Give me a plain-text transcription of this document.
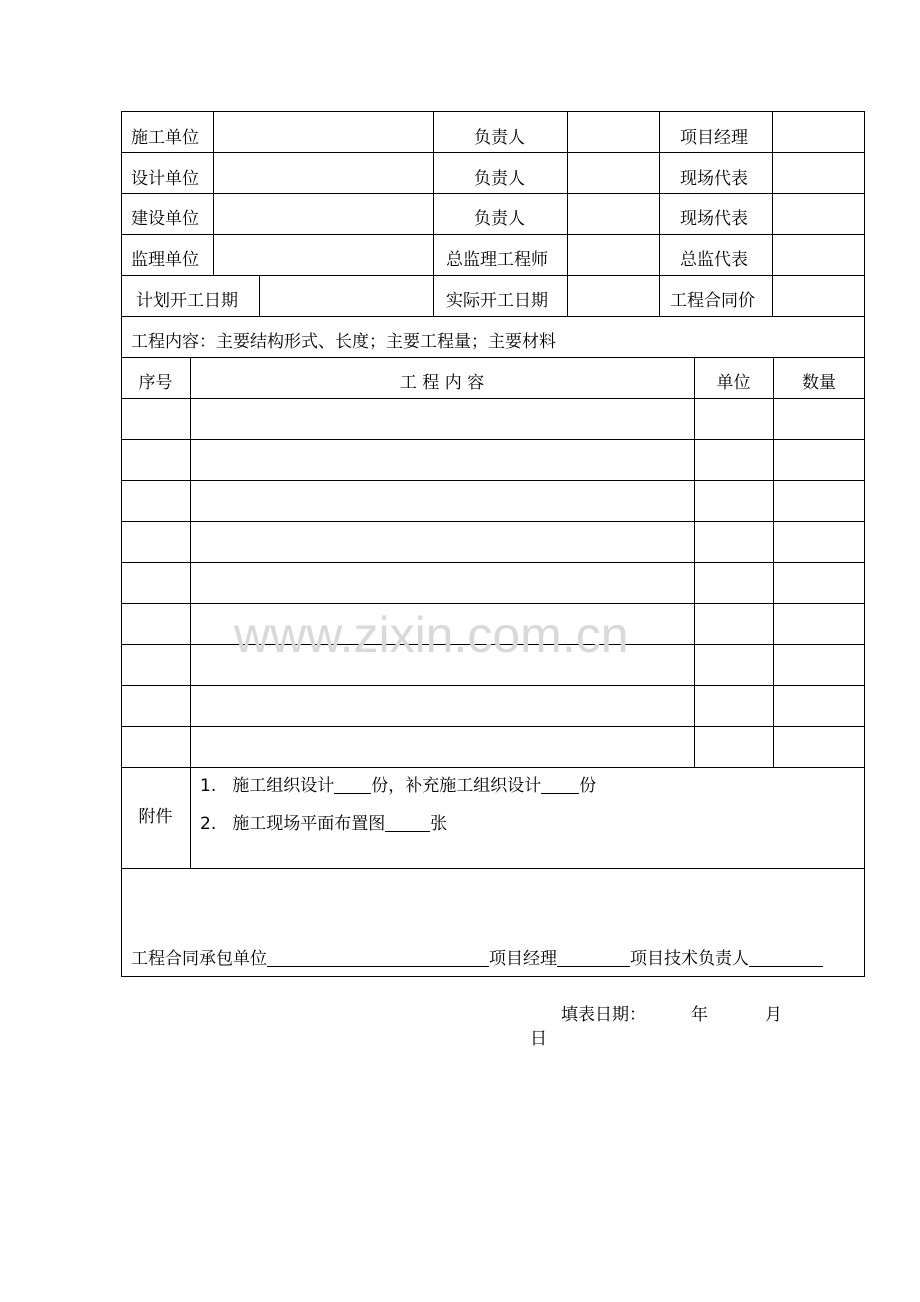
施工单位	负责人	项目经理
设计单位	负责人	现场代表
建设单位	负责人	现场代表
监理单位	总监理工程师	总监代表
计划开工日期	实际开工日期	工程合同价
工程内容：主要结构形式、长度；主要工程量；主要材料
序号	工 程 内 容	单位	数量
www.zixin.com.cn
附件
1. 施工组织设计 份，补充施工组织设计 份
2. 施工现场平面布置图	张
工程合同承包单位	项目经理	项目技术负责人
填表日期：	年	月
日
